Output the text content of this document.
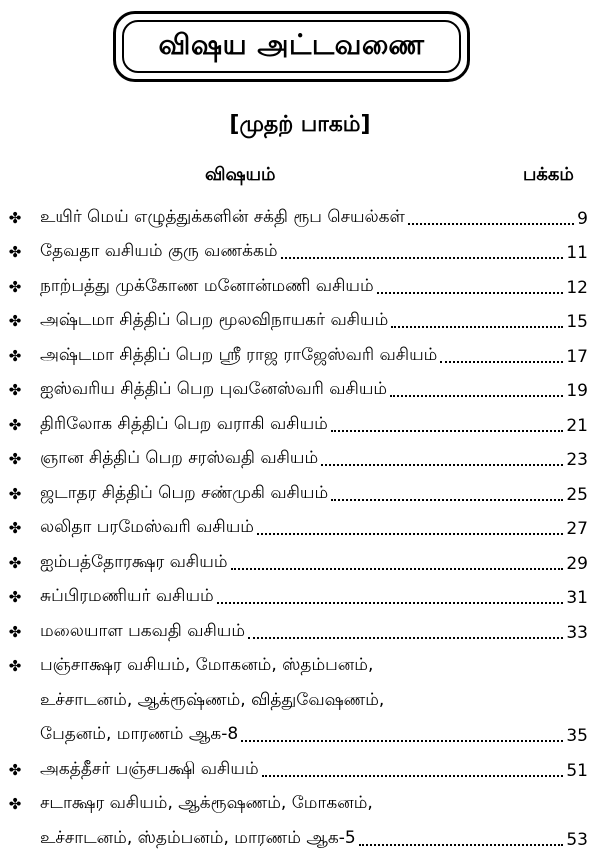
விஷய அட்டவணை
[முதற் பாகம்]
விஷயம்	பக்கம்
✤ உயிர் மெய் எழுத்துக்களின் சக்தி ரூப செயல்கள்	9
✤ தேவதா வசியம் குரு வணக்கம்	11
✤ நாற்பத்து முக்கோண மனோன்மணி வசியம்	12
✤ அஷ்டமா சித்திப் பெற மூலவிநாயகர் வசியம்	15
✤ அஷ்டமா சித்திப் பெற ஸ்ரீ ராஜ ராஜேஸ்வரி வசியம்	17
✤ ஐஸ்வரிய சித்திப் பெற புவனேஸ்வரி வசியம்	19
✤ திரிலோக சித்திப் பெற வராகி வசியம்	21
✤ ஞான சித்திப் பெற சரஸ்வதி வசியம்	23
✤ ஜடாதர சித்திப் பெற சண்முகி வசியம்	25
✤ லலிதா பரமேஸ்வரி வசியம்	27
✤ ஐம்பத்தோரக்ஷர வசியம்	29
✤ சுப்பிரமணியர் வசியம்	31
✤ மலையாள பகவதி வசியம்	33
✤ பஞ்சாக்ஷர வசியம், மோகனம், ஸ்தம்பனம்,
உச்சாடனம், ஆக்ரூஷ்ணம், வித்துவேஷணம்,
பேதனம், மாரணம் ஆக-8	35
✤ அகத்தீசர் பஞ்சபக்ஷி வசியம்	51
✤ சடாக்ஷர வசியம், ஆக்ரூஷணம், மோகனம்,
உச்சாடனம், ஸ்தம்பனம், மாரணம் ஆக-5	53
